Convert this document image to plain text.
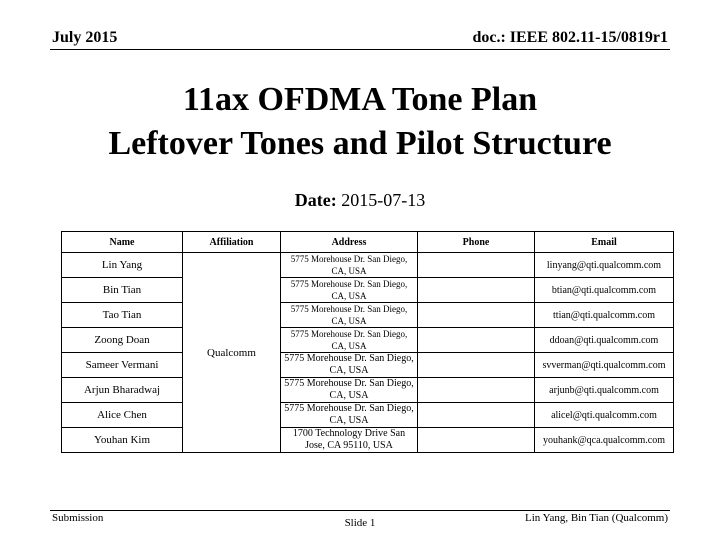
July 2015	doc.: IEEE 802.11-15/0819r1
11ax OFDMA Tone Plan
Leftover Tones and Pilot Structure
Date: 2015-07-13
Name	Affiliation	Address	Phone	Email
Lin Yang	Qualcomm	5775 Morehouse Dr. San Diego, CA, USA		linyang@qti.qualcomm.com
Bin Tian		5775 Morehouse Dr. San Diego, CA, USA		btian@qti.qualcomm.com
Tao Tian		5775 Morehouse Dr. San Diego, CA, USA		ttian@qti.qualcomm.com
Zoong Doan		5775 Morehouse Dr. San Diego, CA, USA		ddoan@qti.qualcomm.com
Sameer Vermani		5775 Morehouse Dr. San Diego, CA, USA		svverman@qti.qualcomm.com
Arjun Bharadwaj		5775 Morehouse Dr. San Diego, CA, USA		arjunb@qti.qualcomm.com
Alice Chen		5775 Morehouse Dr. San Diego, CA, USA		alicel@qti.qualcomm.com
Youhan Kim		1700 Technology Drive San Jose, CA 95110, USA		youhank@qca.qualcomm.com
Submission	Slide 1	Lin Yang, Bin Tian (Qualcomm)
